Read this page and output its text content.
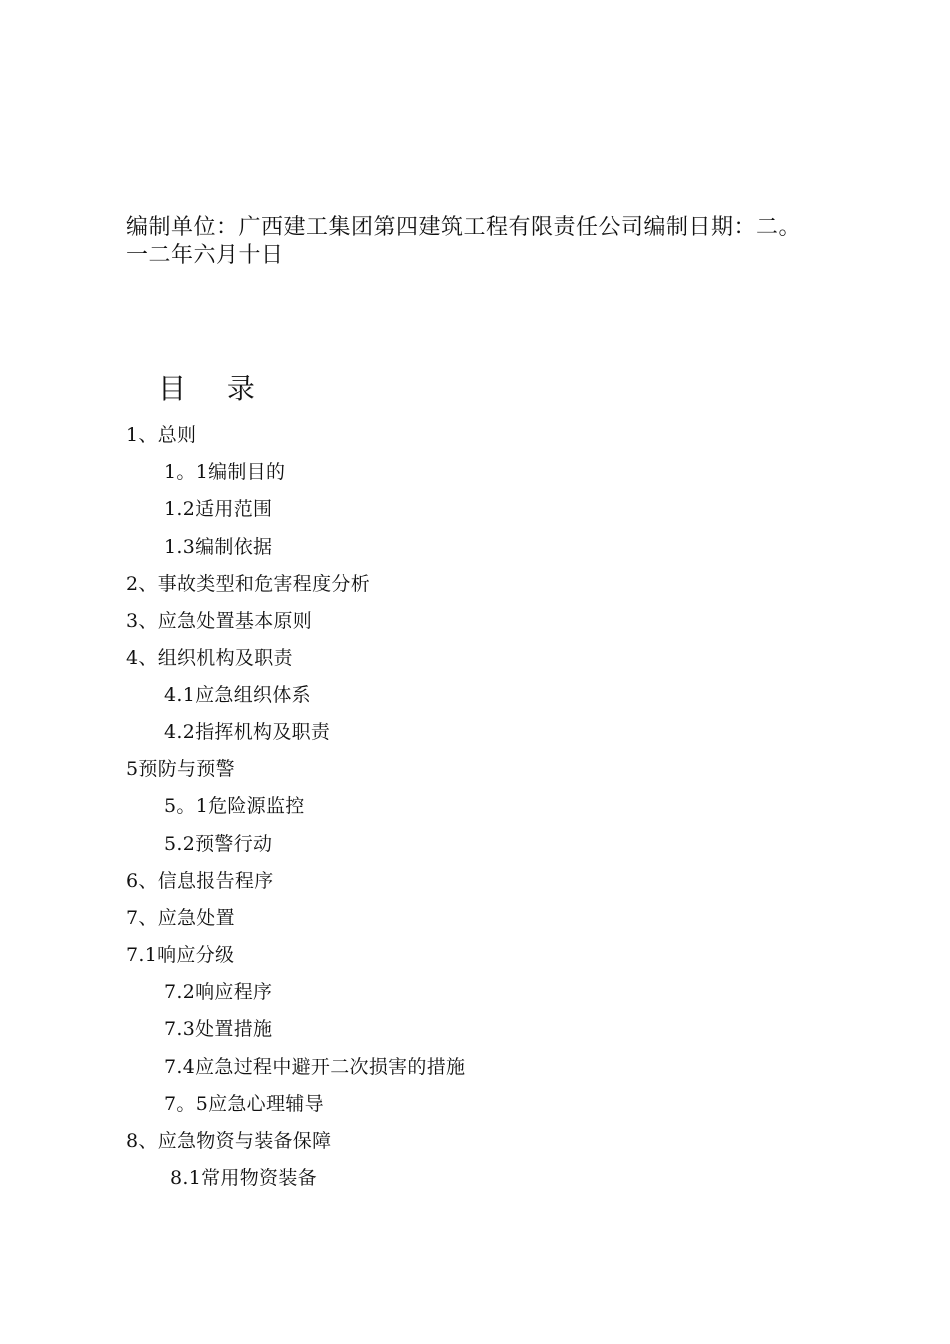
编制单位：广西建工集团第四建筑工程有限责任公司编制日期：二。
一二年六月十日
目 录
1、总则
1。1编制目的
1.2适用范围
1.3编制依据
2、事故类型和危害程度分析
3、应急处置基本原则
4、组织机构及职责
4.1应急组织体系
4.2指挥机构及职责
5预防与预警
5。1危险源监控
5.2预警行动
6、信息报告程序
7、应急处置
7.1响应分级
7.2响应程序
7.3处置措施
7.4应急过程中避开二次损害的措施
7。5应急心理辅导
8、应急物资与装备保障
8.1常用物资装备
